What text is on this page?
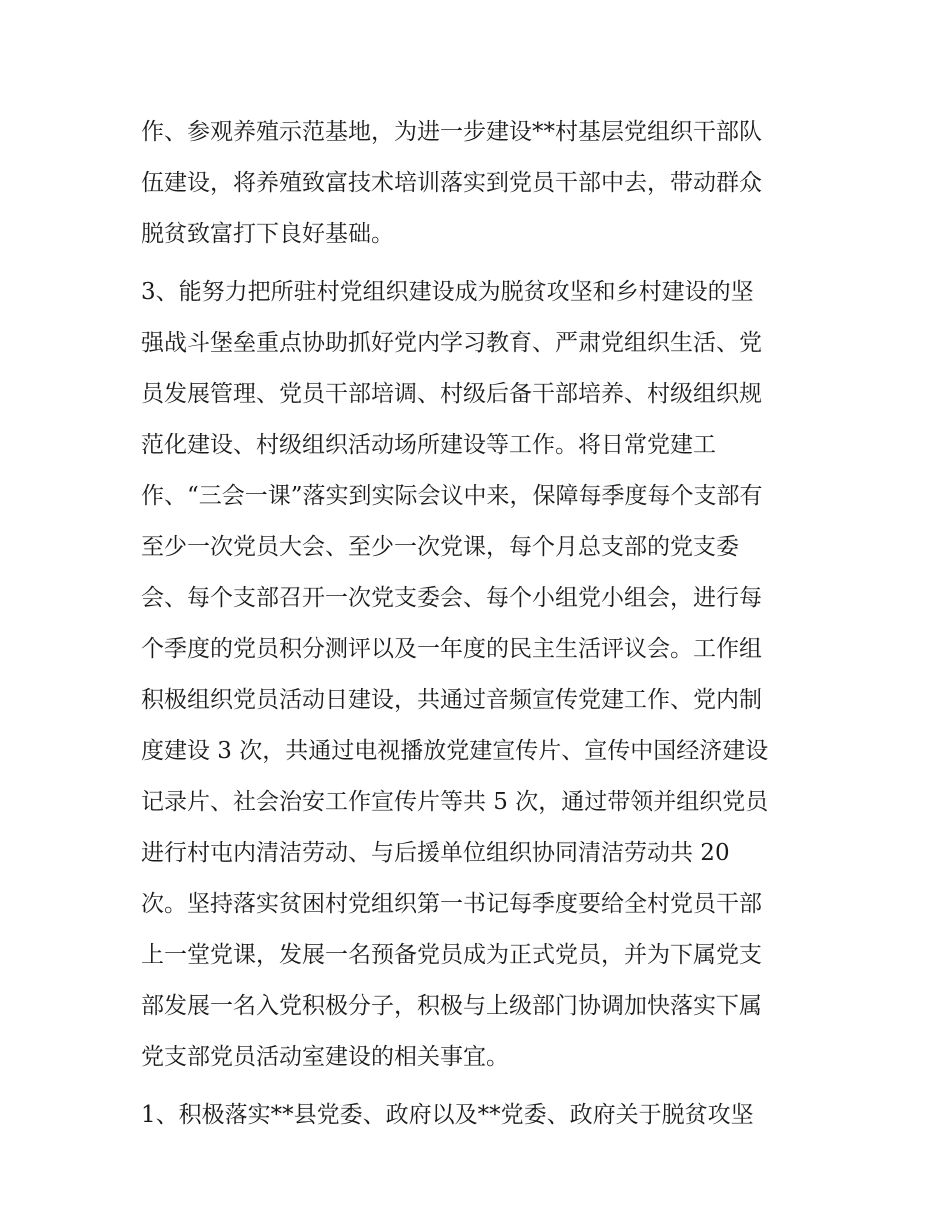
作、参观养殖示范基地，为进一步建设**村基层党组织干部队
伍建设，将养殖致富技术培训落实到党员干部中去，带动群众
脱贫致富打下良好基础。
3、能努力把所驻村党组织建设成为脱贫攻坚和乡村建设的坚
强战斗堡垒重点协助抓好党内学习教育、严肃党组织生活、党
员发展管理、党员干部培调、村级后备干部培养、村级组织规
范化建设、村级组织活动场所建设等工作。将日常党建工
作、“三会一课”落实到实际会议中来，保障每季度每个支部有
至少一次党员大会、至少一次党课，每个月总支部的党支委
会、每个支部召开一次党支委会、每个小组党小组会，进行每
个季度的党员积分测评以及一年度的民主生活评议会。工作组
积极组织党员活动日建设，共通过音频宣传党建工作、党内制
度建设 3 次，共通过电视播放党建宣传片、宣传中国经济建设
记录片、社会治安工作宣传片等共 5 次，通过带领并组织党员
进行村屯内清洁劳动、与后援单位组织协同清洁劳动共 20
次。坚持落实贫困村党组织第一书记每季度要给全村党员干部
上一堂党课，发展一名预备党员成为正式党员，并为下属党支
部发展一名入党积极分子，积极与上级部门协调加快落实下属
党支部党员活动室建设的相关事宜。
1、积极落实**县党委、政府以及**党委、政府关于脱贫攻坚
